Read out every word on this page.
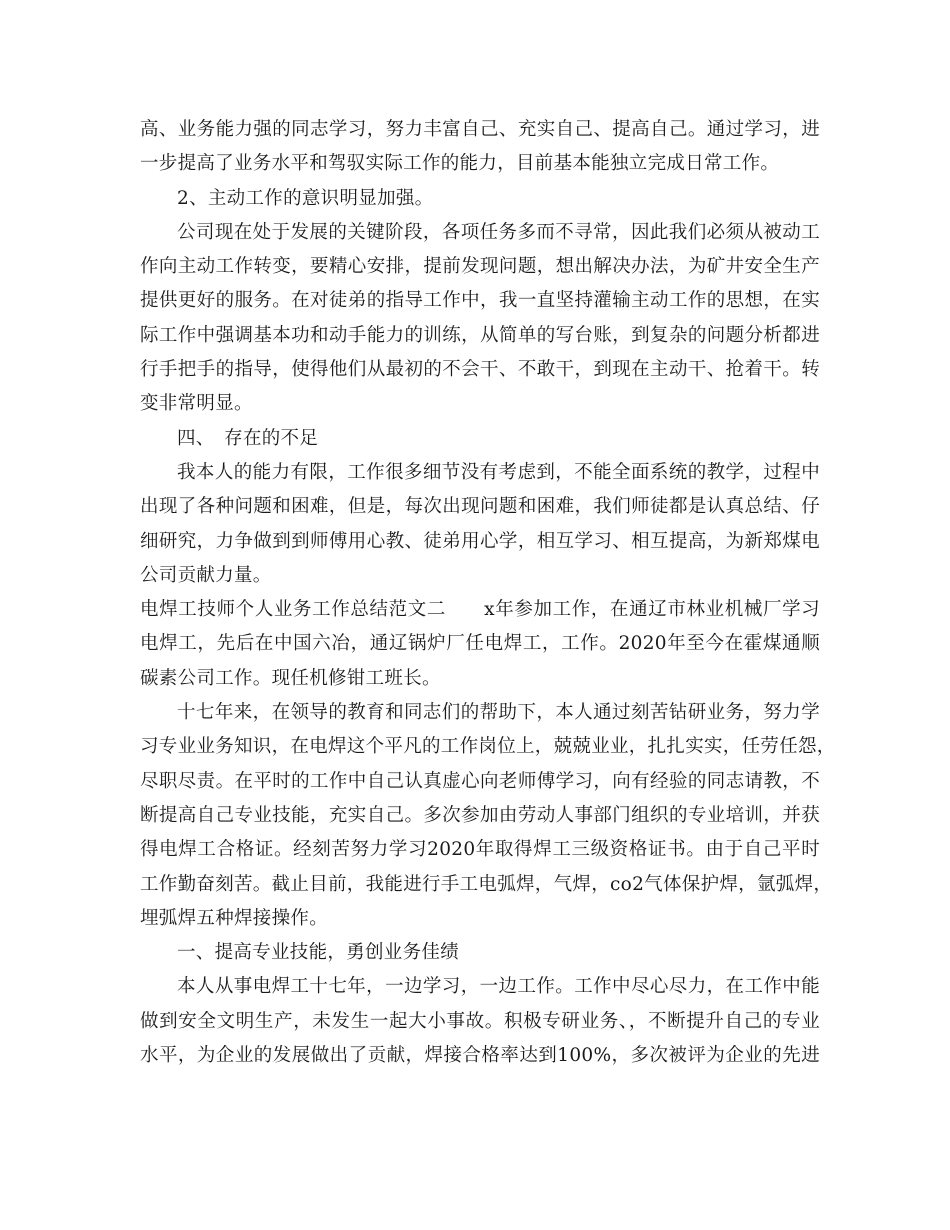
高、业务能力强的同志学习，努力丰富自己、充实自己、提高自己。通过学习，进
一步提高了业务水平和驾驭实际工作的能力，目前基本能独立完成日常工作。
2、主动工作的意识明显加强。
公司现在处于发展的关键阶段，各项任务多而不寻常，因此我们必须从被动工
作向主动工作转变，要精心安排，提前发现问题，想出解决办法，为矿井安全生产
提供更好的服务。在对徒弟的指导工作中，我一直坚持灌输主动工作的思想，在实
际工作中强调基本功和动手能力的训练，从简单的写台账，到复杂的问题分析都进
行手把手的指导，使得他们从最初的不会干、不敢干，到现在主动干、抢着干。转
变非常明显。
四、　存在的不足
我本人的能力有限，工作很多细节没有考虑到，不能全面系统的教学，过程中
出现了各种问题和困难，但是，每次出现问题和困难，我们师徒都是认真总结、仔
细研究，力争做到到师傅用心教、徒弟用心学，相互学习、相互提高，为新郑煤电
公司贡献力量。
电焊工技师个人业务工作总结范文二　　x年参加工作，在通辽市林业机械厂学习
电焊工，先后在中国六冶，通辽锅炉厂任电焊工，工作。2020年至今在霍煤通顺
碳素公司工作。现任机修钳工班长。
十七年来，在领导的教育和同志们的帮助下，本人通过刻苦钻研业务，努力学
习专业业务知识，在电焊这个平凡的工作岗位上，兢兢业业，扎扎实实，任劳任怨，
尽职尽责。在平时的工作中自己认真虚心向老师傅学习，向有经验的同志请教，不
断提高自己专业技能，充实自己。多次参加由劳动人事部门组织的专业培训，并获
得电焊工合格证。经刻苦努力学习2020年取得焊工三级资格证书。由于自己平时
工作勤奋刻苦。截止目前，我能进行手工电弧焊，气焊，co2气体保护焊，氩弧焊，
埋弧焊五种焊接操作。
一、提高专业技能，勇创业务佳绩
本人从事电焊工十七年，一边学习，一边工作。工作中尽心尽力，在工作中能
做到安全文明生产，未发生一起大小事故。积极专研业务、，不断提升自己的专业
水平，为企业的发展做出了贡献，焊接合格率达到100%，多次被评为企业的先进
